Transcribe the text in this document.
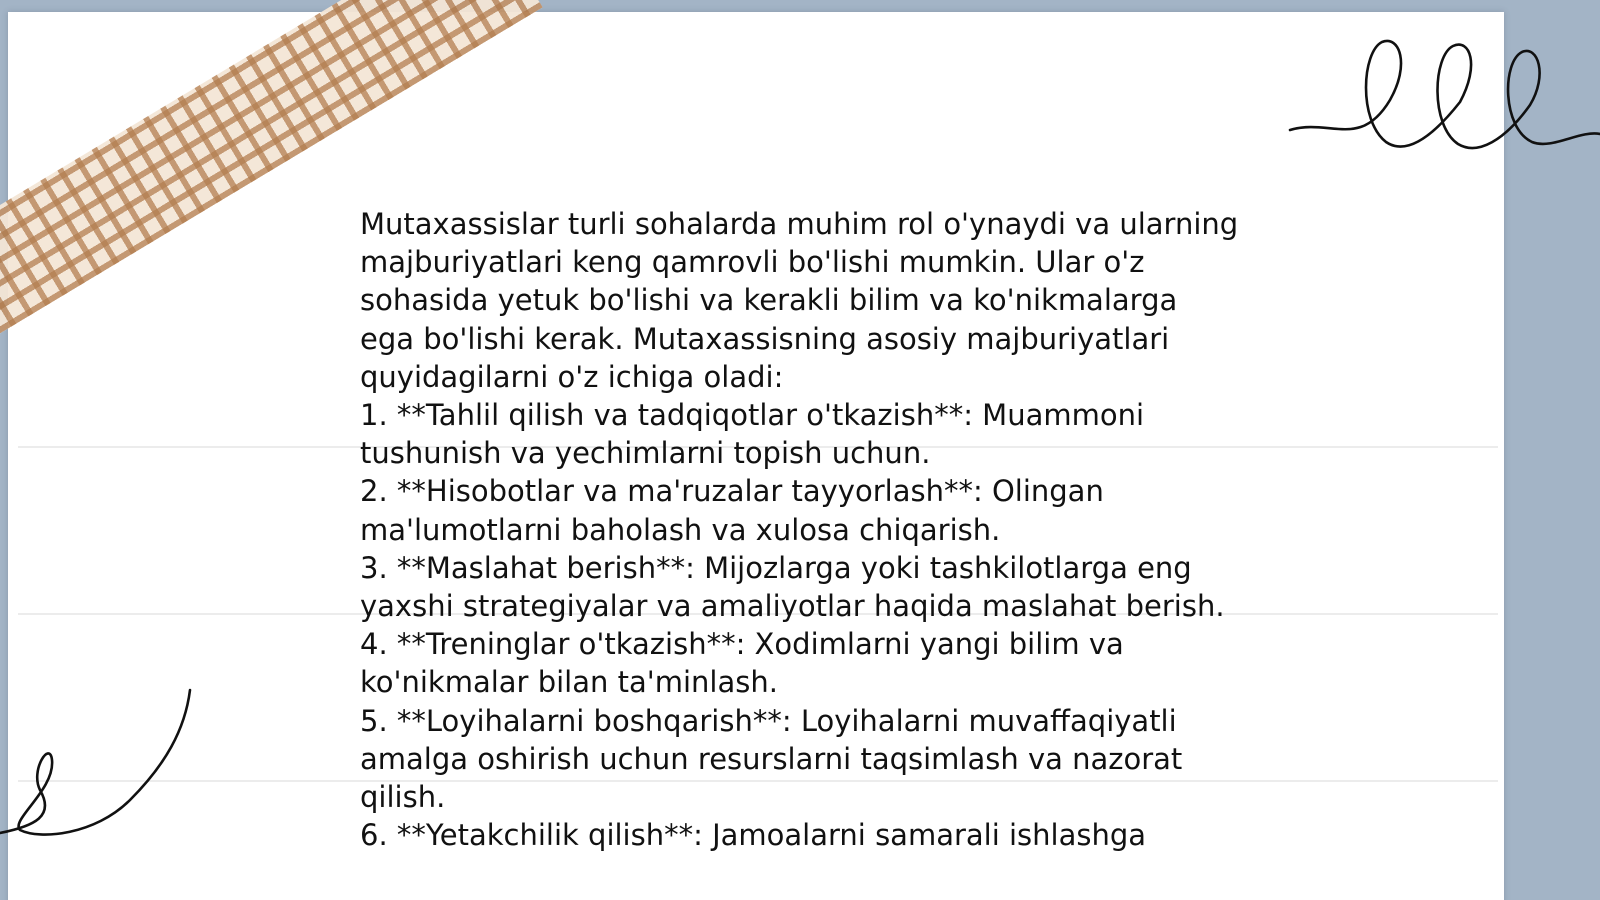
Mutaxassislar turli sohalarda muhim rol o'ynaydi va ularning majburiyatlari keng qamrovli bo'lishi mumkin. Ular o'z sohasida yetuk bo'lishi va kerakli bilim va ko'nikmalarga ega bo'lishi kerak. Mutaxassisning asosiy majburiyatlari quyidagilarni o'z ichiga oladi:

1. **Tahlil qilish va tadqiqotlar o'tkazish**: Muammoni tushunish va yechimlarni topish uchun.

2. **Hisobotlar va ma'ruzalar tayyorlash**: Olingan ma'lumotlarni baholash va xulosa chiqarish.

3. **Maslahat berish**: Mijozlarga yoki tashkilotlarga eng yaxshi strategiyalar va amaliyotlar haqida maslahat berish.

4. **Treninglar o'tkazish**: Xodimlarni yangi bilim va ko'nikmalar bilan ta'minlash.

5. **Loyihalarni boshqarish**: Loyihalarni muvaffaqiyatli amalga oshirish uchun resurslarni taqsimlash va nazorat qilish.

6. **Yetakchilik qilish**: Jamoalarni samarali ishlashga
